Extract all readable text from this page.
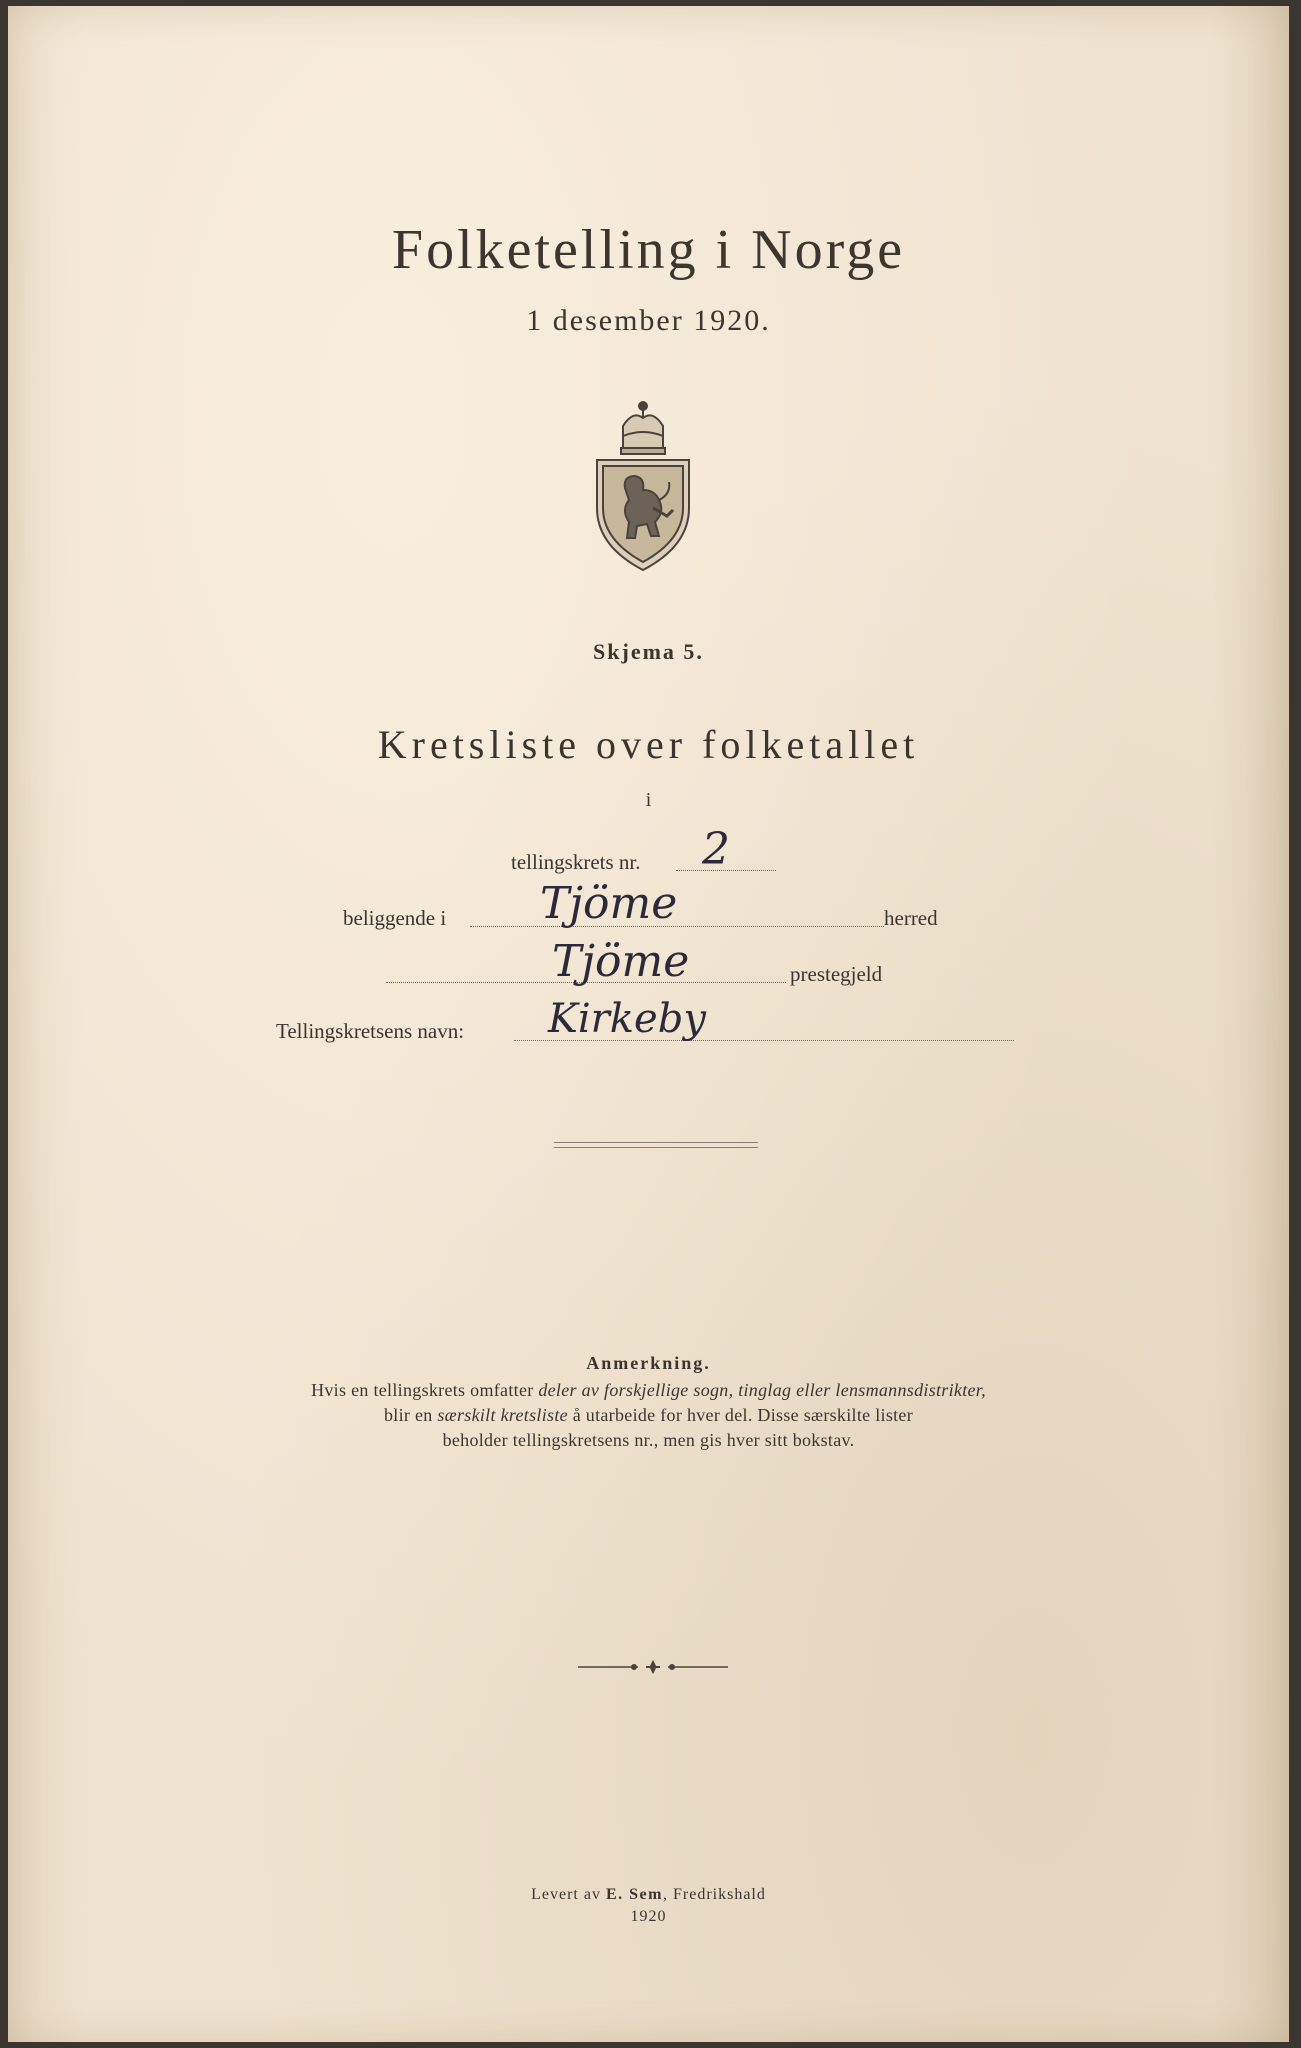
Folketelling i Norge
1 desember 1920.
Skjema 5.
Kretsliste over folketallet
i
tellingskrets nr. 2
beliggende i Tjöme	herred
Tjöme	prestegjeld
Tellingskretsens navn: Kirkeby
Anmerkning.
Hvis en tellingskrets omfatter deler av forskjellige sogn, tinglag eller lensmannsdistrikter,
blir en særskilt kretsliste å utarbeide for hver del. Disse særskilte lister
beholder tellingskretsens nr., men gis hver sitt bokstav.
Levert av E. Sem, Fredrikshald
1920
